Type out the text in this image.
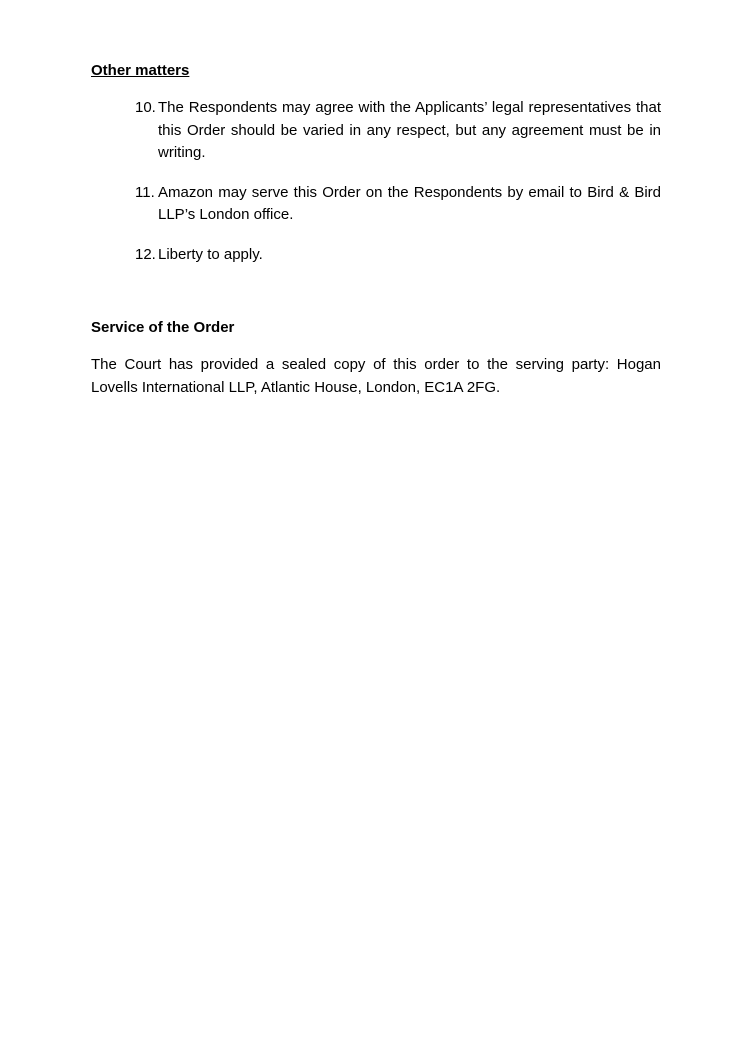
Other matters
10. The Respondents may agree with the Applicants’ legal representatives that this Order should be varied in any respect, but any agreement must be in writing.
11. Amazon may serve this Order on the Respondents by email to Bird & Bird LLP’s London office.
12. Liberty to apply.
Service of the Order

The Court has provided a sealed copy of this order to the serving party: Hogan Lovells International LLP, Atlantic House, London, EC1A 2FG.
